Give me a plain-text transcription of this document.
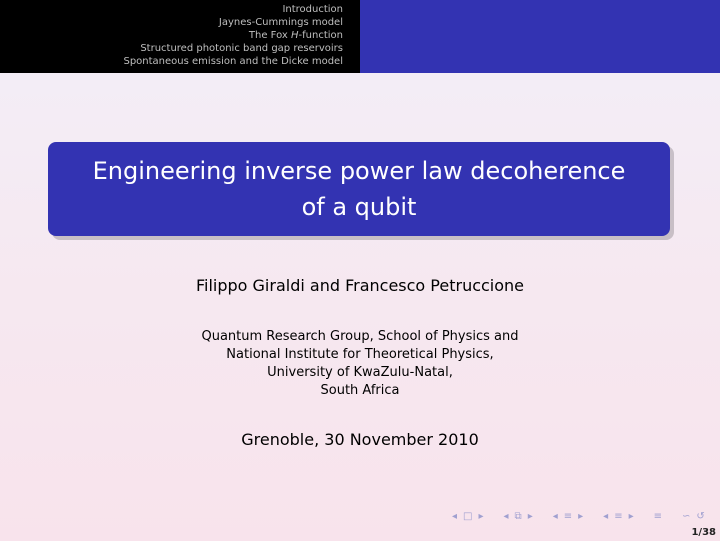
Introduction
Jaynes-Cummings model
The Fox H-function
Structured photonic band gap reservoirs
Spontaneous emission and the Dicke model
Engineering inverse power law decoherence of a qubit
Filippo Giraldi and Francesco Petruccione
Quantum Research Group, School of Physics and
National Institute for Theoretical Physics,
University of KwaZulu-Natal,
South Africa
Grenoble, 30 November 2010
◂ □ ▸ ◂ ⧉ ▸ ◂ ≡ ▸ ◂ ≡ ▸ ≡ ∽ ↺
1/38
